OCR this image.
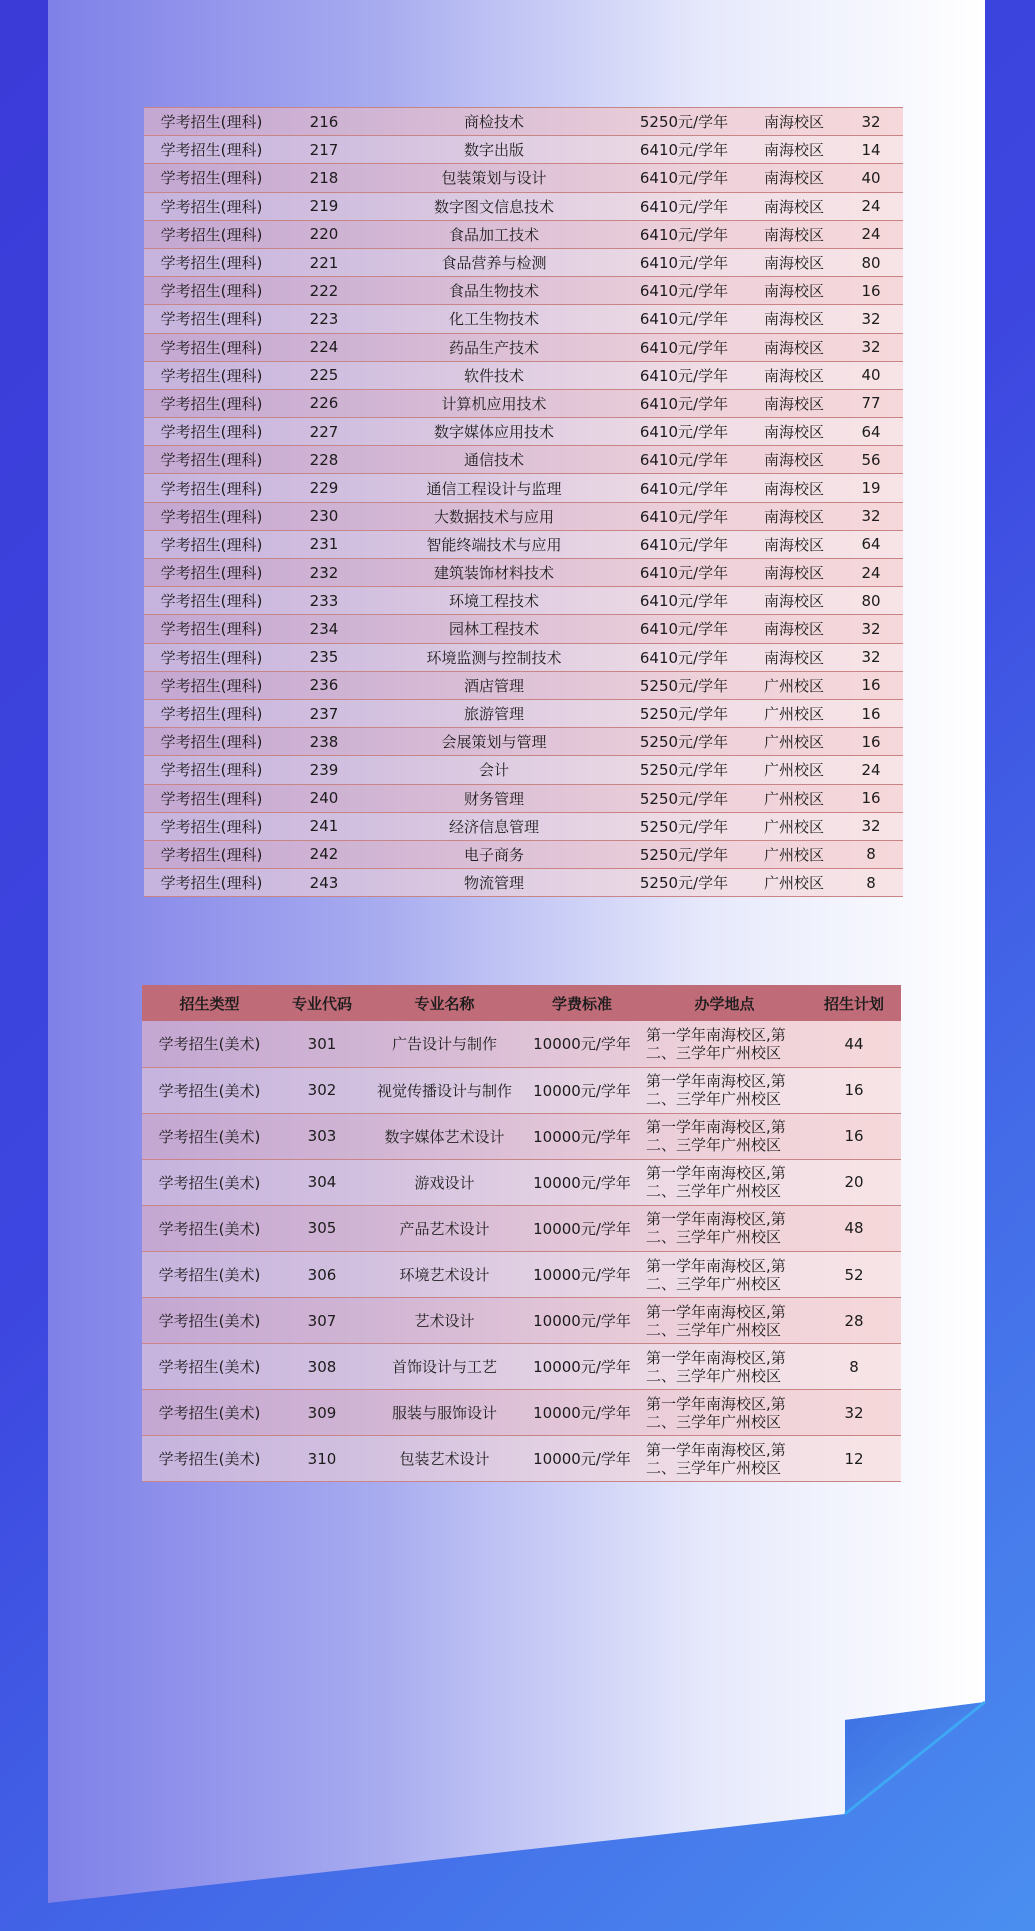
学考招生(理科)	216	商检技术	5250元/学年	南海校区	32
学考招生(理科)	217	数字出版	6410元/学年	南海校区	14
学考招生(理科)	218	包装策划与设计	6410元/学年	南海校区	40
学考招生(理科)	219	数字图文信息技术	6410元/学年	南海校区	24
学考招生(理科)	220	食品加工技术	6410元/学年	南海校区	24
学考招生(理科)	221	食品营养与检测	6410元/学年	南海校区	80
学考招生(理科)	222	食品生物技术	6410元/学年	南海校区	16
学考招生(理科)	223	化工生物技术	6410元/学年	南海校区	32
学考招生(理科)	224	药品生产技术	6410元/学年	南海校区	32
学考招生(理科)	225	软件技术	6410元/学年	南海校区	40
学考招生(理科)	226	计算机应用技术	6410元/学年	南海校区	77
学考招生(理科)	227	数字媒体应用技术	6410元/学年	南海校区	64
学考招生(理科)	228	通信技术	6410元/学年	南海校区	56
学考招生(理科)	229	通信工程设计与监理	6410元/学年	南海校区	19
学考招生(理科)	230	大数据技术与应用	6410元/学年	南海校区	32
学考招生(理科)	231	智能终端技术与应用	6410元/学年	南海校区	64
学考招生(理科)	232	建筑装饰材料技术	6410元/学年	南海校区	24
学考招生(理科)	233	环境工程技术	6410元/学年	南海校区	80
学考招生(理科)	234	园林工程技术	6410元/学年	南海校区	32
学考招生(理科)	235	环境监测与控制技术	6410元/学年	南海校区	32
学考招生(理科)	236	酒店管理	5250元/学年	广州校区	16
学考招生(理科)	237	旅游管理	5250元/学年	广州校区	16
学考招生(理科)	238	会展策划与管理	5250元/学年	广州校区	16
学考招生(理科)	239	会计	5250元/学年	广州校区	24
学考招生(理科)	240	财务管理	5250元/学年	广州校区	16
学考招生(理科)	241	经济信息管理	5250元/学年	广州校区	32
学考招生(理科)	242	电子商务	5250元/学年	广州校区	8
学考招生(理科)	243	物流管理	5250元/学年	广州校区	8
招生类型	专业代码	专业名称	学费标准	办学地点	招生计划
学考招生(美术)	301	广告设计与制作	10000元/学年	第一学年南海校区,第二、三学年广州校区	44
学考招生(美术)	302	视觉传播设计与制作	10000元/学年	第一学年南海校区,第二、三学年广州校区	16
学考招生(美术)	303	数字媒体艺术设计	10000元/学年	第一学年南海校区,第二、三学年广州校区	16
学考招生(美术)	304	游戏设计	10000元/学年	第一学年南海校区,第二、三学年广州校区	20
学考招生(美术)	305	产品艺术设计	10000元/学年	第一学年南海校区,第二、三学年广州校区	48
学考招生(美术)	306	环境艺术设计	10000元/学年	第一学年南海校区,第二、三学年广州校区	52
学考招生(美术)	307	艺术设计	10000元/学年	第一学年南海校区,第二、三学年广州校区	28
学考招生(美术)	308	首饰设计与工艺	10000元/学年	第一学年南海校区,第二、三学年广州校区	8
学考招生(美术)	309	服装与服饰设计	10000元/学年	第一学年南海校区,第二、三学年广州校区	32
学考招生(美术)	310	包装艺术设计	10000元/学年	第一学年南海校区,第二、三学年广州校区	12
